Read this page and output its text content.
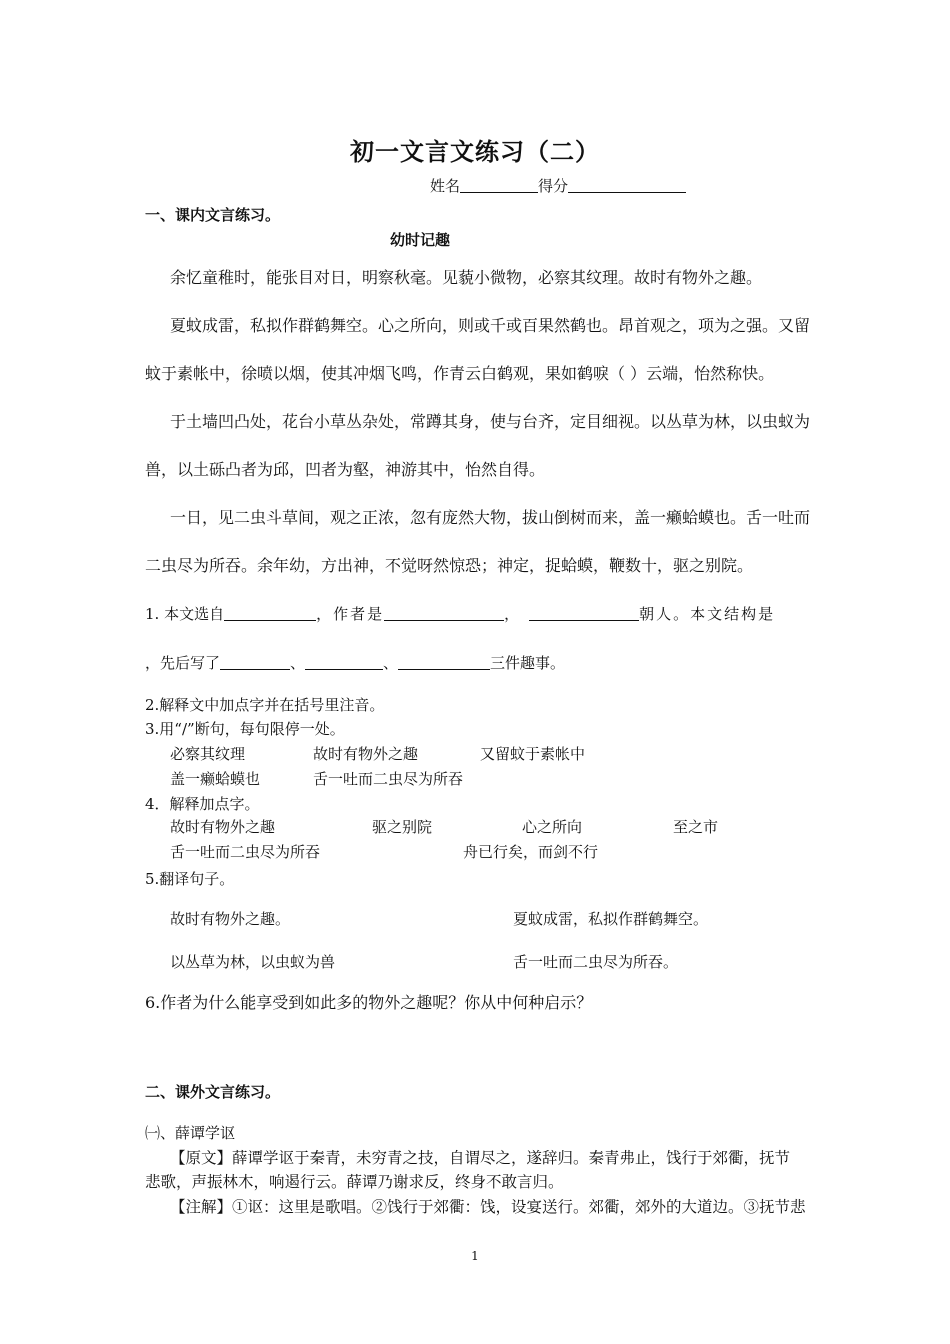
初一文言文练习（二）
姓名	得分
一、课内文言练习。
幼时记趣
余忆童稚时，能张目对日，明察秋毫。见藐小微物，必察其纹理。故时有物外之趣。
夏蚊成雷，私拟作群鹤舞空。心之所向，则或千或百果然鹤也。昂首观之，项为之强。又留
蚊于素帐中，徐喷以烟，使其冲烟飞鸣，作青云白鹤观，果如鹤唳（ ）云端，怡然称快。
于土墙凹凸处，花台小草丛杂处，常蹲其身，使与台齐，定目细视。以丛草为林，以虫蚁为
兽，以土砾凸者为邱，凹者为壑，神游其中，怡然自得。
一日，见二虫斗草间，观之正浓，忽有庞然大物，拔山倒树而来，盖一癞蛤蟆也。舌一吐而
二虫尽为所吞。余年幼，方出神，不觉呀然惊恐；神定，捉蛤蟆，鞭数十，驱之别院。
1. 本文选自	，作者是	，	朝人。本文结构是
，先后写了	、	、	三件趣事。
2.解释文中加点字并在括号里注音。
3.用“/”断句，每句限停一处。
必察其纹理	故时有物外之趣	又留蚊于素帐中
盖一癞蛤蟆也	舌一吐而二虫尽为所吞
4．解释加点字。
故时有物外之趣	驱之别院	心之所向	至之市
舌一吐而二虫尽为所吞	舟已行矣，而剑不行
5.翻译句子。
故时有物外之趣。	夏蚊成雷，私拟作群鹤舞空。
以丛草为林，以虫蚁为兽	舌一吐而二虫尽为所吞。
6.作者为什么能享受到如此多的物外之趣呢？你从中何种启示？
二、课外文言练习。
㈠、薛谭学讴
【原文】薛谭学讴于秦青，未穷青之技，自谓尽之，遂辞归。秦青弗止，饯行于郊衢，抚节
悲歌，声振林木，响遏行云。薛谭乃谢求反，终身不敢言归。
【注解】①讴：这里是歌唱。②饯行于郊衢：饯，设宴送行。郊衢，郊外的大道边。③抚节悲
1
